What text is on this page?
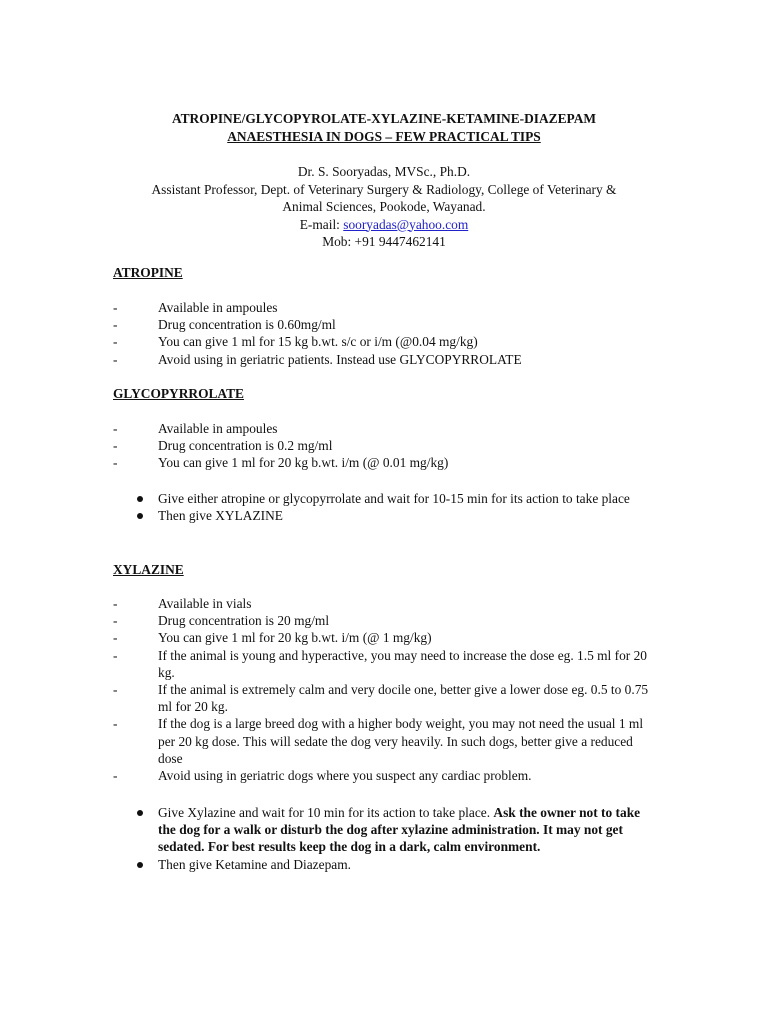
ATROPINE/GLYCOPYROLATE-XYLAZINE-KETAMINE-DIAZEPAM
ANAESTHESIA IN DOGS – FEW PRACTICAL TIPS
Dr. S. Sooryadas, MVSc., Ph.D.
Assistant Professor, Dept. of Veterinary Surgery & Radiology, College of Veterinary &
Animal Sciences, Pookode, Wayanad.
E-mail: sooryadas@yahoo.com
Mob: +91 9447462141

ATROPINE

- Available in ampoules
- Drug concentration is 0.60mg/ml
- You can give 1 ml for 15 kg b.wt. s/c or i/m (@0.04 mg/kg)
- Avoid using in geriatric patients. Instead use GLYCOPYRROLATE

GLYCOPYRROLATE

- Available in ampoules
- Drug concentration is 0.2 mg/ml
- You can give 1 ml for 20 kg b.wt. i/m (@ 0.01 mg/kg)
Give either atropine or glycopyrrolate and wait for 10-15 min for its action to take place
Then give XYLAZINE

XYLAZINE

- Available in vials
- Drug concentration is 20 mg/ml
- You can give 1 ml for 20 kg b.wt. i/m (@ 1 mg/kg)
- If the animal is young and hyperactive, you may need to increase the dose eg. 1.5 ml for 20 kg.
- If the animal is extremely calm and very docile one, better give a lower dose eg. 0.5 to 0.75 ml for 20 kg.
- If the dog is a large breed dog with a higher body weight, you may not need the usual 1 ml per 20 kg dose. This will sedate the dog very heavily. In such dogs, better give a reduced dose
- Avoid using in geriatric dogs where you suspect any cardiac problem.
Give Xylazine and wait for 10 min for its action to take place. Ask the owner not to take the dog for a walk or disturb the dog after xylazine administration. It may not get sedated. For best results keep the dog in a dark, calm environment.
Then give Ketamine and Diazepam.
